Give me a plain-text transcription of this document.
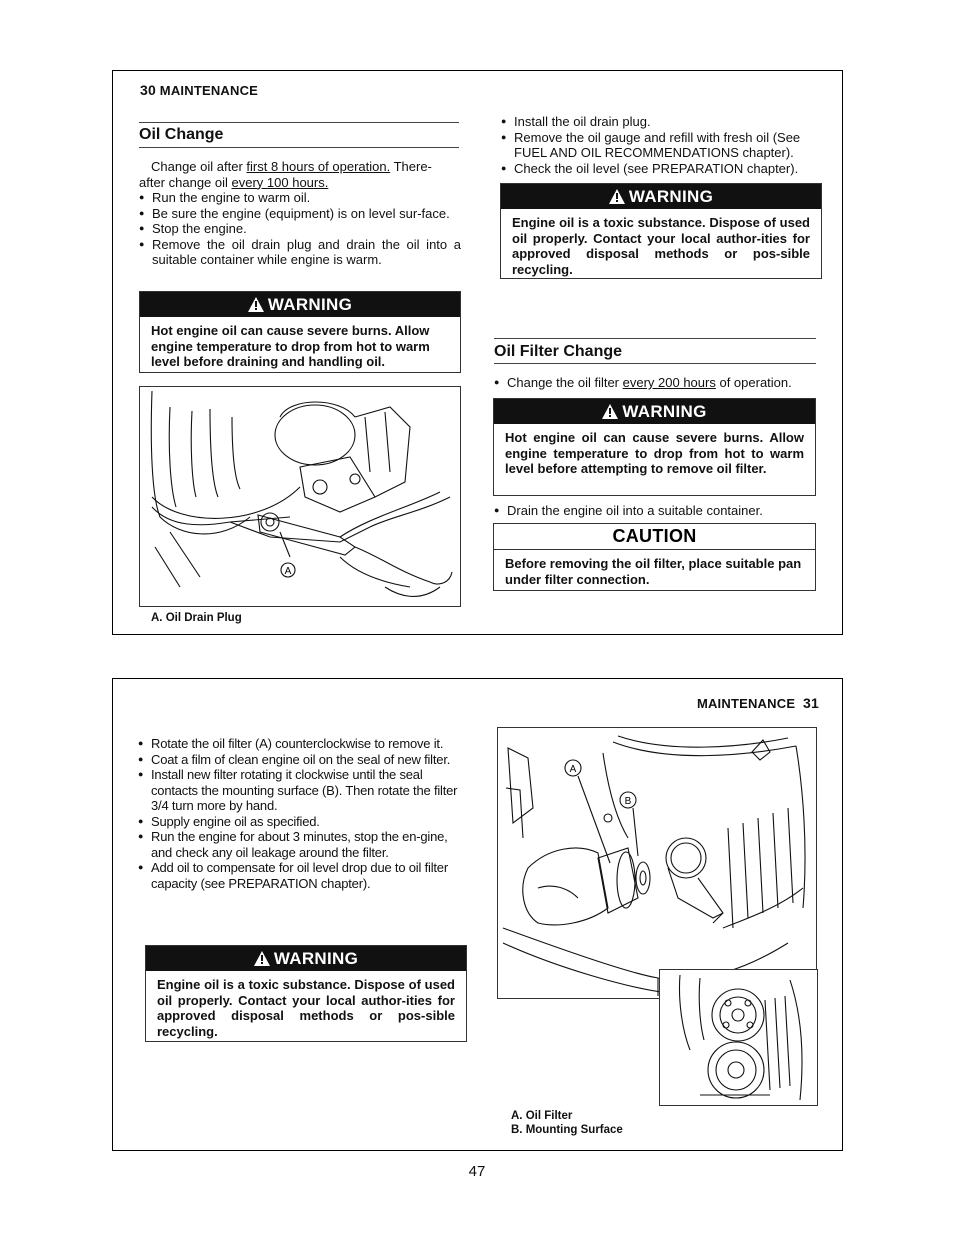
30 MAINTENANCE
Oil Change

Change oil after first 8 hours of operation. There-

after change oil every 100 hours.

● Run the engine to warm oil.
● Be sure the engine (equipment) is on level sur-face.
● Stop the engine.
● Remove the oil drain plug and drain the oil into a suitable container while engine is warm.
WARNING
Hot engine oil can cause severe burns. Allow engine temperature to drop from hot to warm level before draining and handling oil.
A
A. Oil Drain Plug
● Install the oil drain plug.
● Remove the oil gauge and refill with fresh oil (See FUEL AND OIL RECOMMENDATIONS chapter).
● Check the oil level (see PREPARATION chapter).
WARNING
Engine oil is a toxic substance. Dispose of used oil properly. Contact your local author-ities for approved disposal methods or pos-sible recycling.
Oil Filter Change
● Change the oil filter every 200 hours of operation.
WARNING
Hot engine oil can cause severe burns. Allow engine temperature to drop from hot to warm level before attempting to remove oil filter.
● Drain the engine oil into a suitable container.
CAUTION
Before removing the oil filter, place suitable pan under filter connection.
MAINTENANCE 31
● Rotate the oil filter (A) counterclockwise to remove it.
● Coat a film of clean engine oil on the seal of new filter.
● Install new filter rotating it clockwise until the seal contacts the mounting surface (B). Then rotate the filter 3/4 turn more by hand.
● Supply engine oil as specified.
● Run the engine for about 3 minutes, stop the en-gine, and check any oil leakage around the filter.
● Add oil to compensate for oil level drop due to oil filter capacity (see PREPARATION chapter).
WARNING
Engine oil is a toxic substance. Dispose of used oil properly. Contact your local author-ities for approved disposal methods or pos-sible recycling.
A
B
A. Oil Filter
B. Mounting Surface
47
